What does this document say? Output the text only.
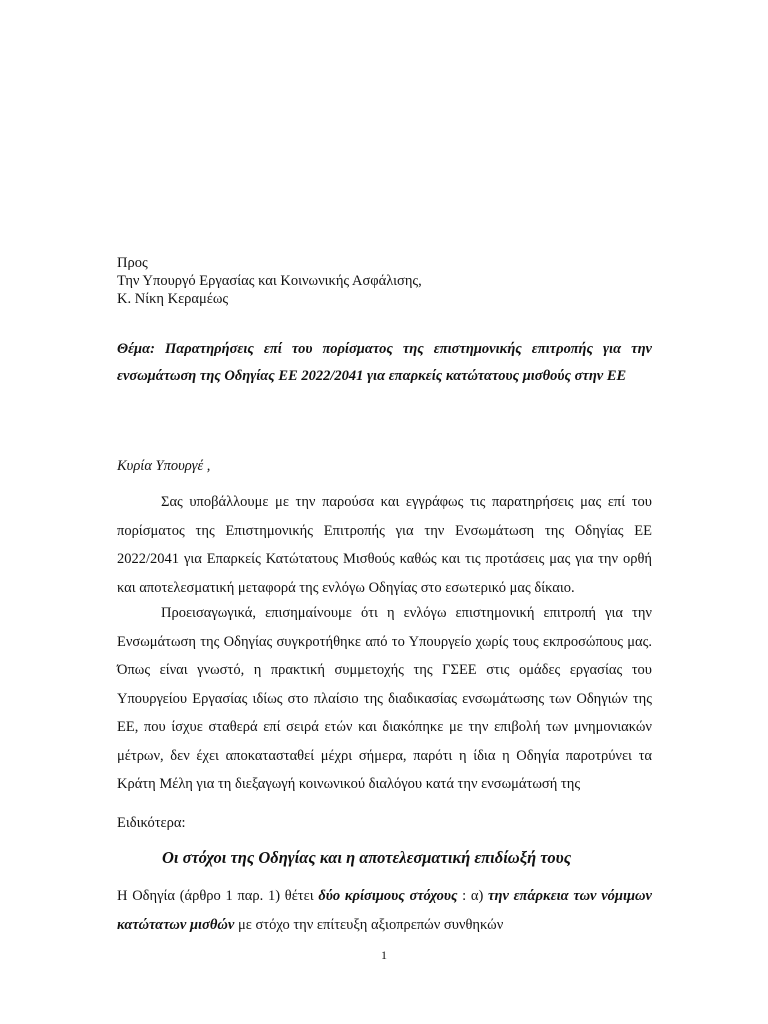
Προς
Την Υπουργό Εργασίας και Κοινωνικής Ασφάλισης,
Κ. Νίκη Κεραμέως
Θέμα: Παρατηρήσεις επί του πορίσματος της επιστημονικής επιτροπής για την ενσωμάτωση της Οδηγίας ΕΕ 2022/2041 για επαρκείς κατώτατους μισθούς στην ΕΕ
Κυρία Υπουργέ ,

Σας υποβάλλουμε με την παρούσα και εγγράφως τις παρατηρήσεις μας επί του πορίσματος της Επιστημονικής Επιτροπής για την Ενσωμάτωση της Οδηγίας ΕΕ 2022/2041 για Επαρκείς Κατώτατους Μισθούς καθώς και τις προτάσεις μας για την ορθή και αποτελεσματική μεταφορά της ενλόγω Οδηγίας στο εσωτερικό μας δίκαιο.

Προεισαγωγικά, επισημαίνουμε ότι η ενλόγω επιστημονική επιτροπή για την Ενσωμάτωση της Οδηγίας συγκροτήθηκε από το Υπουργείο χωρίς τους εκπροσώπους μας. Όπως είναι γνωστό, η πρακτική συμμετοχής της ΓΣΕΕ στις ομάδες εργασίας του Υπουργείου Εργασίας ιδίως στο πλαίσιο της διαδικασίας ενσωμάτωσης των Οδηγιών της ΕΕ, που ίσχυε σταθερά επί σειρά ετών και διακόπηκε με την επιβολή των μνημονιακών μέτρων, δεν έχει αποκατασταθεί μέχρι σήμερα, παρότι η ίδια η Οδηγία παροτρύνει τα Κράτη Μέλη για τη διεξαγωγή κοινωνικού διαλόγου κατά την ενσωμάτωσή της

Ειδικότερα:
Οι στόχοι της Οδηγίας και η αποτελεσματική επιδίωξή τους

Η Οδηγία (άρθρο 1 παρ. 1) θέτει δύο κρίσιμους στόχους : α) την επάρκεια των νόμιμων κατώτατων μισθών με στόχο την επίτευξη αξιοπρεπών συνθηκών

1
